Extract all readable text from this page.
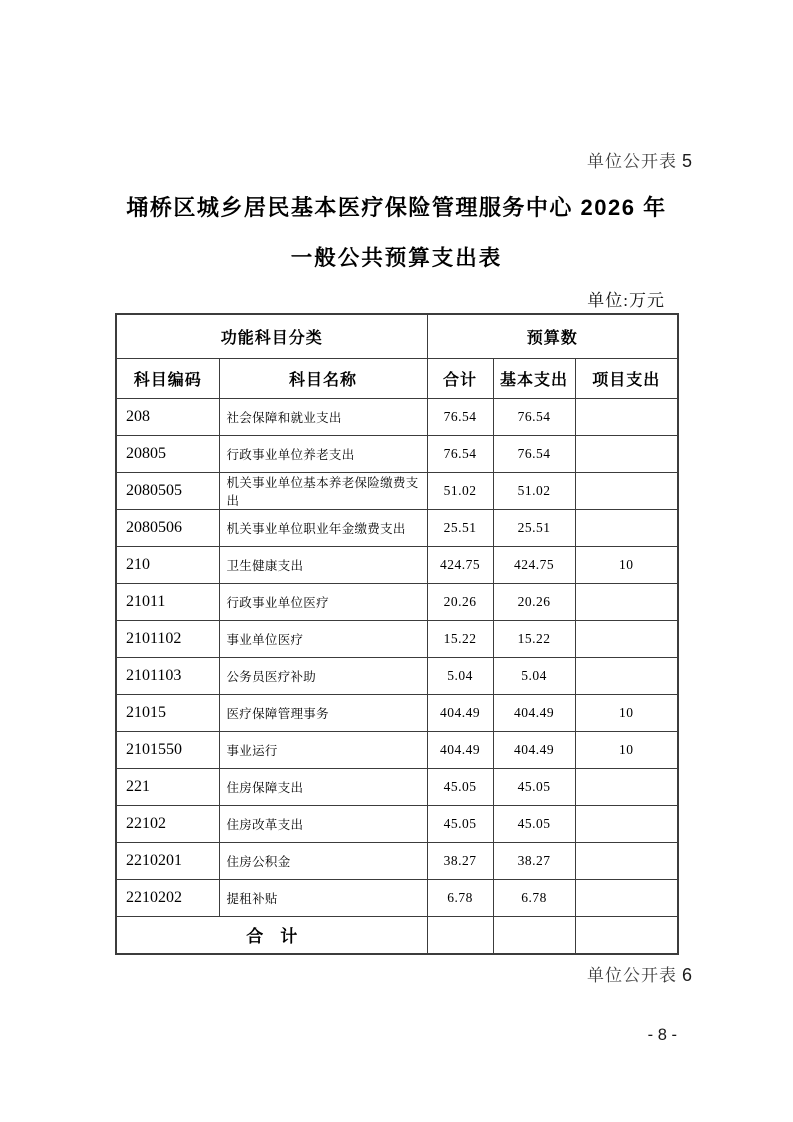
单位公开表 5
埇桥区城乡居民基本医疗保险管理服务中心 2026 年
一般公共预算支出表
单位:万元
功能科目分类		预算数		
科目编码	科目名称	合计	基本支出	项目支出
208	社会保障和就业支出	76.54	76.54	
20805	行政事业单位养老支出	76.54	76.54	
2080505	机关事业单位基本养老保险缴费支出	51.02	51.02	
2080506	机关事业单位职业年金缴费支出	25.51	25.51	
210	卫生健康支出	424.75	424.75	10
21011	行政事业单位医疗	20.26	20.26	
2101102	事业单位医疗	15.22	15.22	
2101103	公务员医疗补助	5.04	5.04	
21015	医疗保障管理事务	404.49	404.49	10
2101550	事业运行	404.49	404.49	10
221	住房保障支出	45.05	45.05	
22102	住房改革支出	45.05	45.05	
2210201	住房公积金	38.27	38.27	
2210202	提租补贴	6.78	6.78	
合　计				
单位公开表 6
- 8 -
